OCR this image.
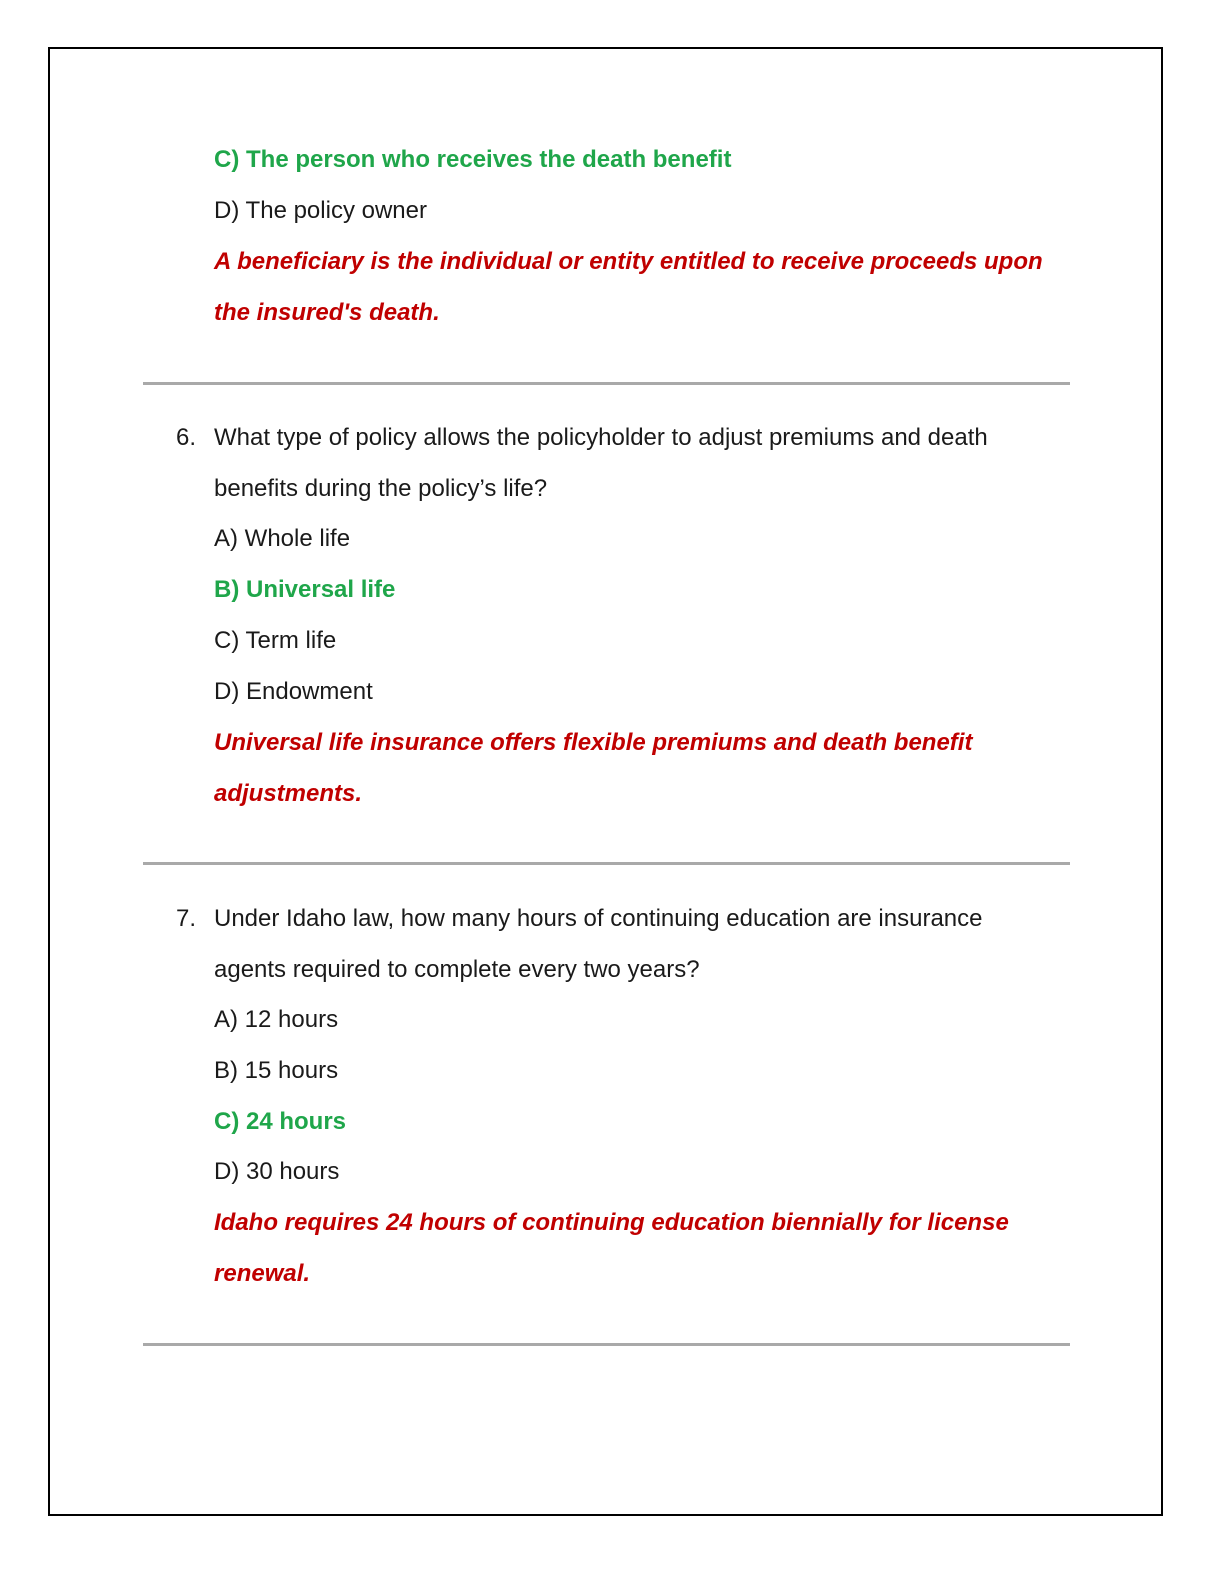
C) The person who receives the death benefit
D) The policy owner
A beneficiary is the individual or entity entitled to receive proceeds upon
the insured's death.
6. What type of policy allows the policyholder to adjust premiums and death
benefits during the policy’s life?
A) Whole life
B) Universal life
C) Term life
D) Endowment
Universal life insurance offers flexible premiums and death benefit
adjustments.
7. Under Idaho law, how many hours of continuing education are insurance
agents required to complete every two years?
A) 12 hours
B) 15 hours
C) 24 hours
D) 30 hours
Idaho requires 24 hours of continuing education biennially for license
renewal.
